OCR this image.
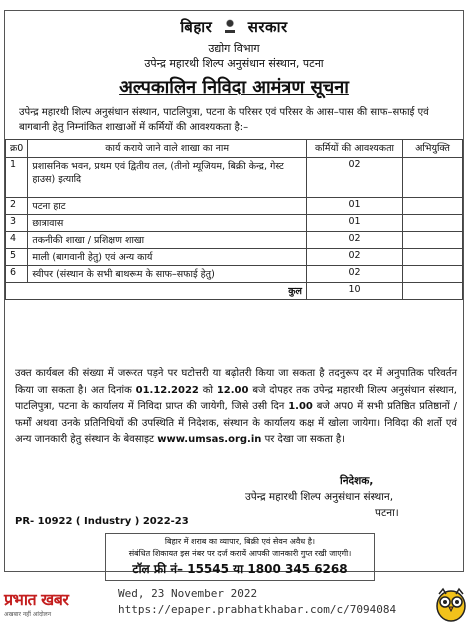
बिहार सरकार
उद्योग विभाग
उपेन्द्र महारथी शिल्प अनुसंधान संस्थान, पटना
अल्पकालिन निविदा आमंत्रण सूचना
उपेन्द्र महारथी शिल्प अनुसंधान संस्थान, पाटलिपुत्रा, पटना के परिसर एवं परिसर के आस–पास की साफ–सफाई एवं बागबानी हेतु निम्नांकित शाखाओं में कर्मियों की आवश्यकता है:–
क्र0	कार्य कराये जाने वाले शाखा का नाम	कर्मियों की आवश्यकता	अभियुक्ति
1	प्रशासनिक भवन, प्रथम एवं द्वितीय तल, (तीनो म्यूजियम, बिक्री केन्द्र, गेस्ट हाउस) इत्यादि	02	
2	पटना हाट	01	
3	छात्रावास	01	
4	तकनीकी शाखा / प्रशिक्षण शाखा	02	
5	माली (बागवानी हेतु) एवं अन्य कार्य	02	
6	स्वीपर (संस्थान के सभी बाथरूम के साफ–सफाई हेतु)	02	
कुल		10	
उक्त कार्यबल की संख्या में जरूरत पड़ने पर घटोत्तरी या बढ़ोतरी किया जा सकता है तदनुरूप दर में अनुपातिक परिवर्तन किया जा सकता है। अत दिनांक 01.12.2022 को 12.00 बजे दोपहर तक उपेन्द्र महारथी शिल्प अनुसंधान संस्थान, पाटलिपुत्रा, पटना के कार्यालय में निविदा प्राप्त की जायेगी, जिसे उसी दिन 1.00 बजे अप0 में सभी प्रतिष्ठित प्रतिष्ठानों / फर्मों अथवा उनके प्रतिनिधियों की उपस्थिति में निदेशक, संस्थान के कार्यालय कक्ष में खोला जायेगा। निविदा की शर्तो एवं अन्य जानकारी हेतु संस्थान के बेवसाइट www.umsas.org.in पर देखा जा सकता है।
निदेशक,
उपेन्द्र महारथी शिल्प अनुसंधान संस्थान,
पटना।
PR- 10922 ( Industry ) 2022-23
बिहार में शराब का व्यापार, बिक्री एवं सेवन अवैध है।
संबंधित शिकायत इस नंबर पर दर्ज करायें आपकी जानकारी गुप्त रखी जाएगी।
टॉल फ्री नं– 15545 या 1800 345 6268
प्रभात खबर
अखबार नहीं आंदोलन
Wed, 23 November 2022
https://epaper.prabhatkhabar.com/c/7094084
